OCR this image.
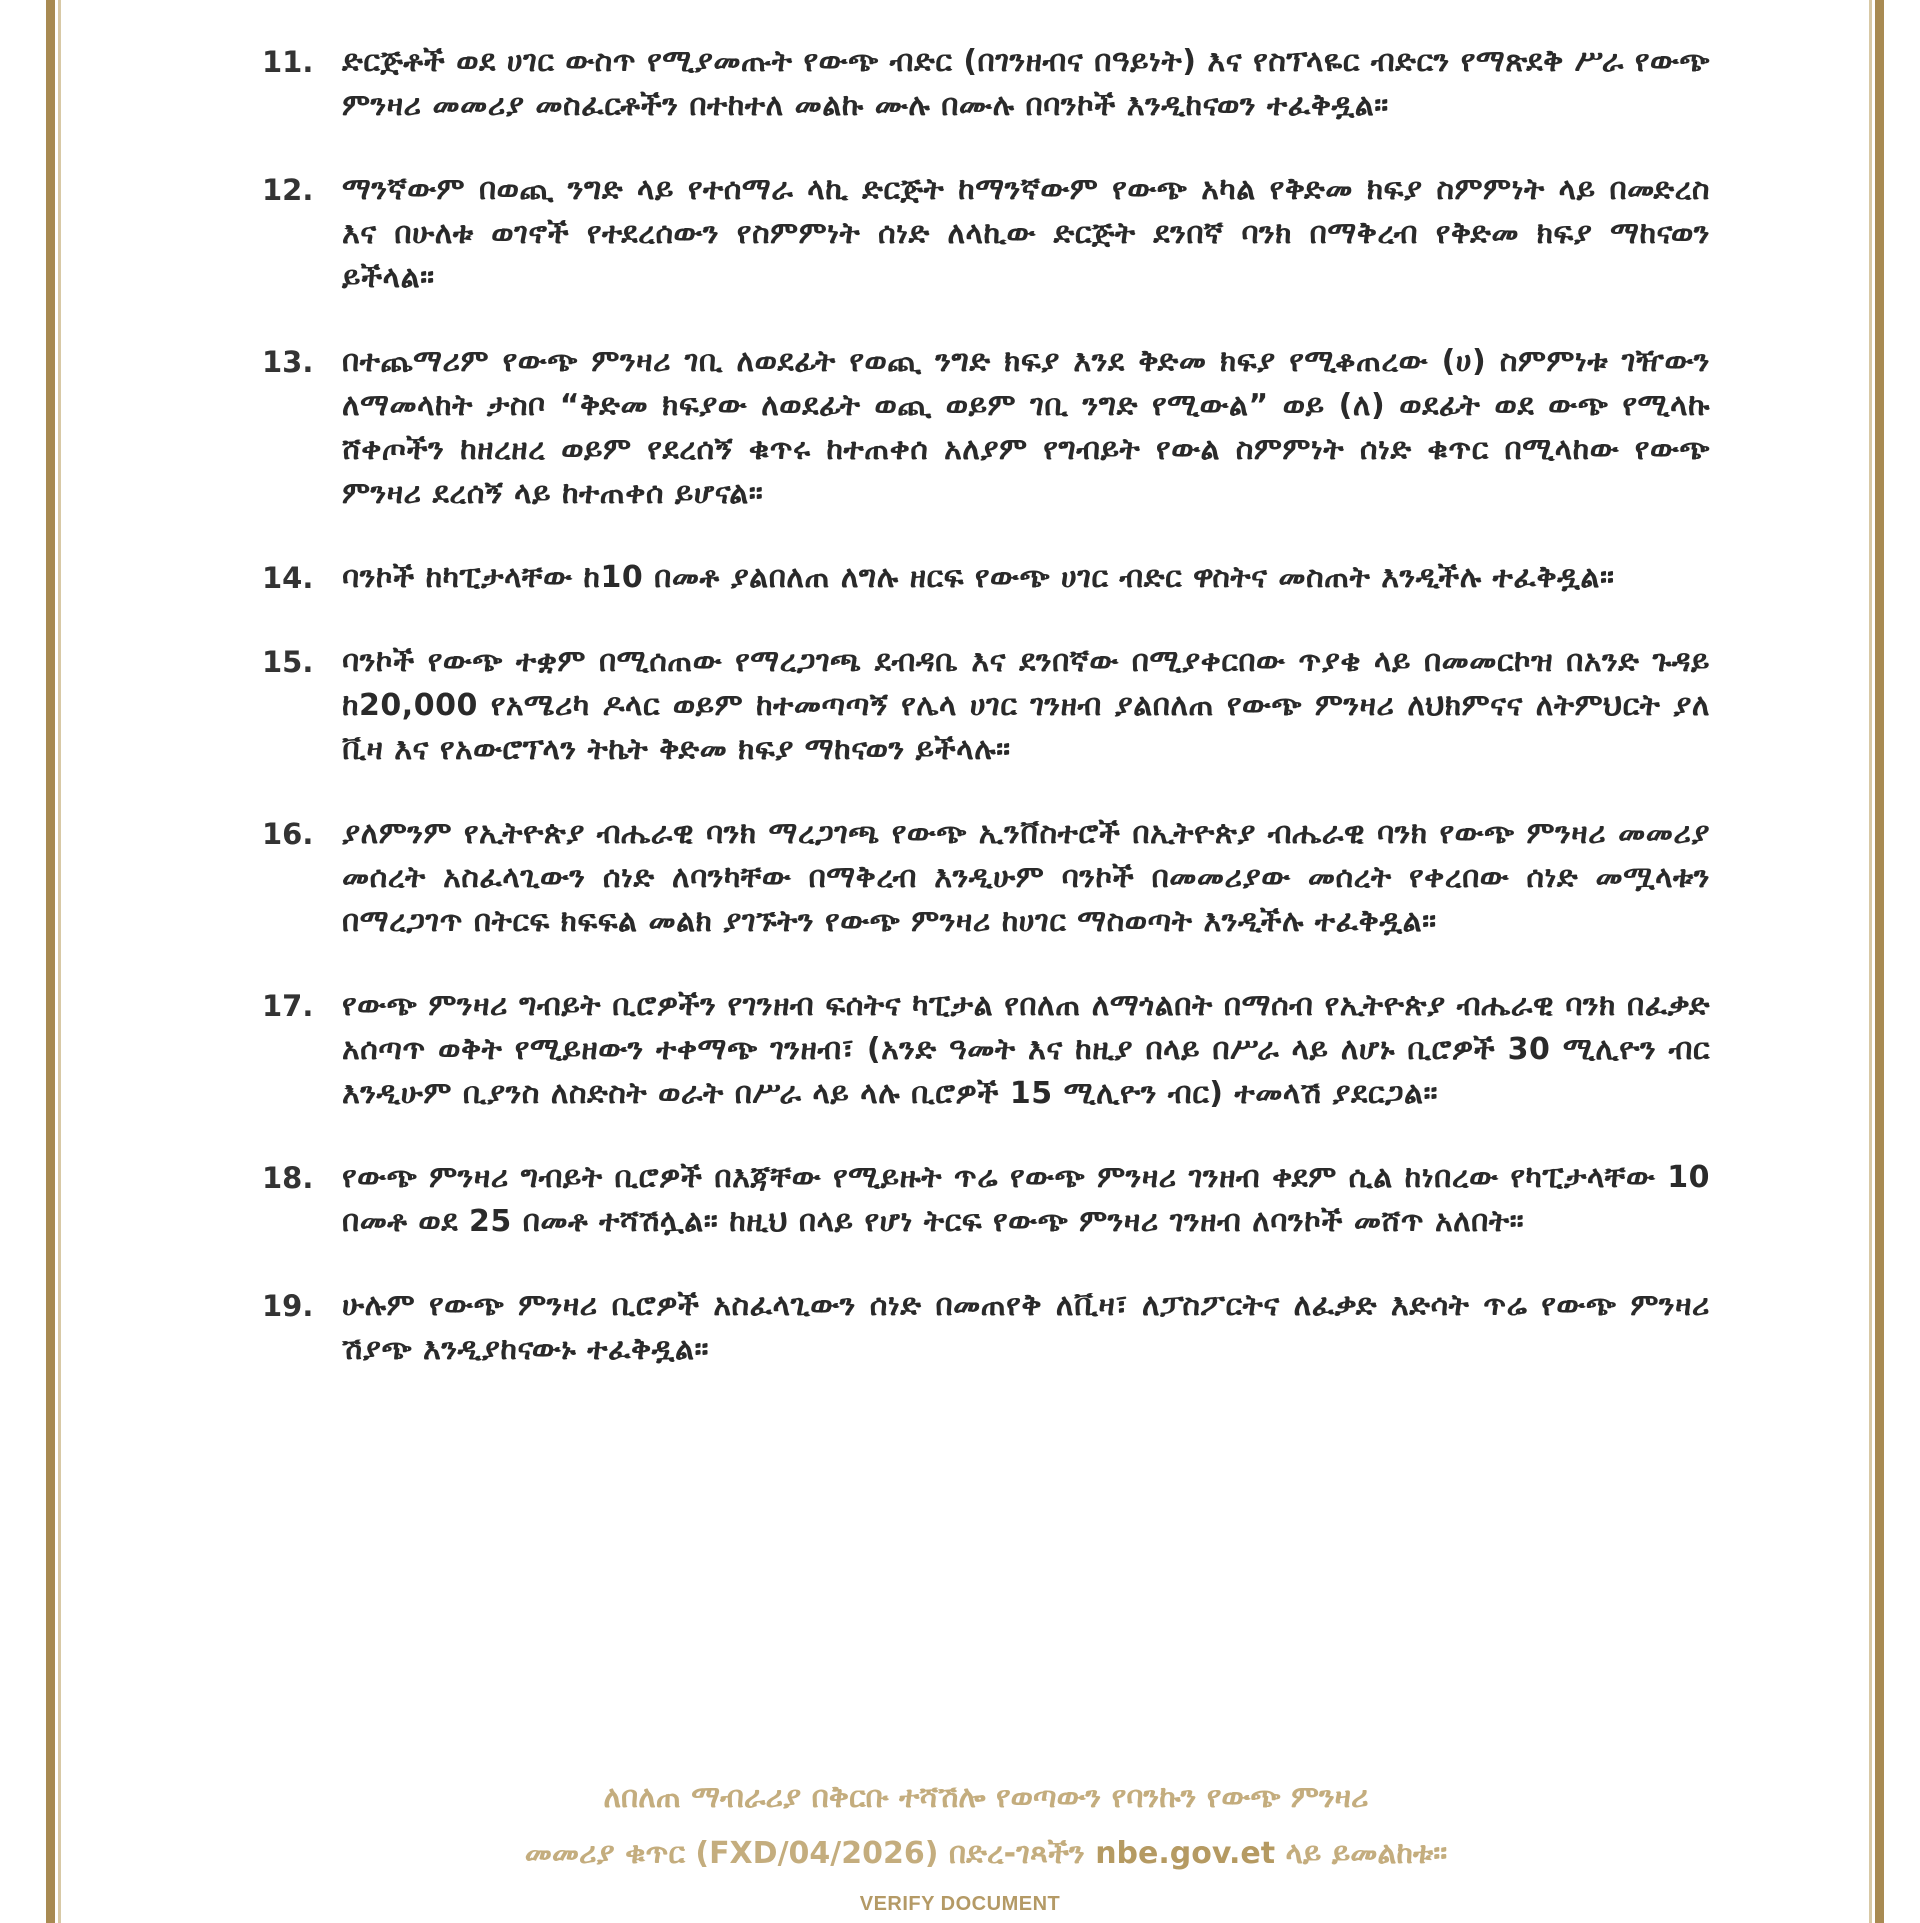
11. ድርጅቶች ወደ ሀገር ውስጥ የሚያመጡት የውጭ ብድር (በገንዘብና በዓይነት) እና የስፕላዬር ብድርን የማጽደቅ ሥራ የውጭ ምንዛሪ መመሪያ መስፈርቶችን በተከተለ መልኩ ሙሉ በሙሉ በባንኮች እንዲከናወን ተፈቅዷል።
12. ማንኛውም በወጪ ንግድ ላይ የተሰማራ ላኪ ድርጅት ከማንኛውም የውጭ አካል የቅድመ ክፍያ ስምምነት ላይ በመድረስ እና በሁለቱ ወገኖች የተደረሰውን የስምምነት ሰነድ ለላኪው ድርጅት ደንበኛ ባንክ በማቅረብ የቅድመ ክፍያ ማከናወን ይችላል።
13. በተጨማሪም የውጭ ምንዛሪ ገቢ ለወደፊት የወጪ ንግድ ክፍያ እንደ ቅድመ ክፍያ የሚቆጠረው (ሀ) ስምምነቱ ገዥውን ለማመላከት ታስቦ “ቅድመ ክፍያው ለወደፊት ወጪ ወይም ገቢ ንግድ የሚውል” ወይ (ለ) ወደፊት ወደ ውጭ የሚላኩ ሸቀጦችን ከዘረዘረ ወይም የደረሰኝ ቁጥሩ ከተጠቀሰ አለያም የግብይት የውል ስምምነት ሰነድ ቁጥር በሚላከው የውጭ ምንዛሪ ደረሰኝ ላይ ከተጠቀሰ ይሆናል።
14. ባንኮች ከካፒታላቸው ከ10 በመቶ ያልበለጠ ለግሉ ዘርፍ የውጭ ሀገር ብድር ዋስትና መስጠት እንዲችሉ ተፈቅዷል።
15. ባንኮች የውጭ ተቋም በሚሰጠው የማረጋገጫ ደብዳቤ እና ደንበኛው በሚያቀርበው ጥያቄ ላይ በመመርኮዝ በአንድ ጉዳይ ከ20,000 የአሜሪካ ዶላር ወይም ከተመጣጣኝ የሌላ ሀገር ገንዘብ ያልበለጠ የውጭ ምንዛሪ ለህክምናና ለትምህርት ያለ ቪዛ እና የአውሮፕላን ትኬት ቅድመ ክፍያ ማከናወን ይችላሉ።
16. ያለምንም የኢትዮጵያ ብሔራዊ ባንክ ማረጋገጫ የውጭ ኢንቨስተሮች በኢትዮጵያ ብሔራዊ ባንክ የውጭ ምንዛሪ መመሪያ መሰረት አስፈላጊውን ሰነድ ለባንካቸው በማቅረብ እንዲሁም ባንኮች በመመሪያው መሰረት የቀረበው ሰነድ መሟላቱን በማረጋገጥ በትርፍ ክፍፍል መልክ ያገኙትን የውጭ ምንዛሪ ከሀገር ማስወጣት እንዲችሉ ተፈቅዷል።
17. የውጭ ምንዛሪ ግብይት ቢሮዎችን የገንዘብ ፍሰትና ካፒታል የበለጠ ለማጎልበት በማሰብ የኢትዮጵያ ብሔራዊ ባንክ በፈቃድ አሰጣጥ ወቅት የሚይዘውን ተቀማጭ ገንዘብ፣ (አንድ ዓመት እና ከዚያ በላይ በሥራ ላይ ለሆኑ ቢሮዎች 30 ሚሊዮን ብር እንዲሁም ቢያንስ ለስድስት ወራት በሥራ ላይ ላሉ ቢሮዎች 15 ሚሊዮን ብር) ተመላሽ ያደርጋል።
18. የውጭ ምንዛሪ ግብይት ቢሮዎች በእጃቸው የሚይዙት ጥሬ የውጭ ምንዛሪ ገንዘብ ቀደም ሲል ከነበረው የካፒታላቸው 10 በመቶ ወደ 25 በመቶ ተሻሽሏል። ከዚህ በላይ የሆነ ትርፍ የውጭ ምንዛሪ ገንዘብ ለባንኮች መሸጥ አለበት።
19. ሁሉም የውጭ ምንዛሪ ቢሮዎች አስፈላጊውን ሰነድ በመጠየቅ ለቪዛ፣ ለፓስፖርትና ለፈቃድ እድሳት ጥሬ የውጭ ምንዛሪ ሽያጭ እንዲያከናውኑ ተፈቅዷል።
ለበለጠ ማብራሪያ በቅርቡ ተሻሽሎ የወጣውን የባንኩን የውጭ ምንዛሪ
መመሪያ ቁጥር (FXD/04/2026) በድረ-ገጻችን nbe.gov.et ላይ ይመልከቱ።
VERIFY DOCUMENT
